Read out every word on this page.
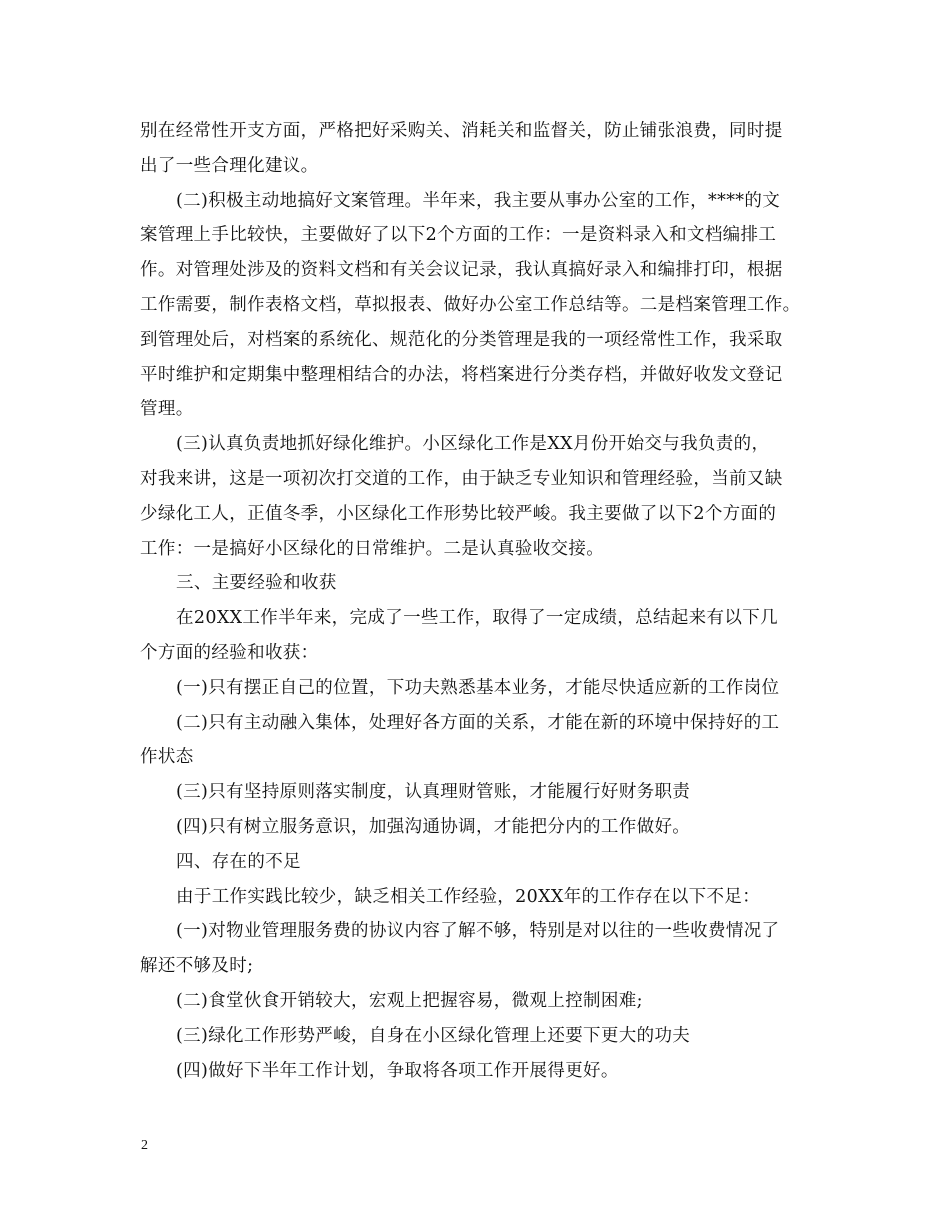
别在经常性开支方面，严格把好采购关、消耗关和监督关，防止铺张浪费，同时提
出了一些合理化建议。
(二)积极主动地搞好文案管理。半年来，我主要从事办公室的工作，****的文
案管理上手比较快，主要做好了以下2个方面的工作：一是资料录入和文档编排工
作。对管理处涉及的资料文档和有关会议记录，我认真搞好录入和编排打印，根据
工作需要，制作表格文档，草拟报表、做好办公室工作总结等。二是档案管理工作。
到管理处后，对档案的系统化、规范化的分类管理是我的一项经常性工作，我采取
平时维护和定期集中整理相结合的办法，将档案进行分类存档，并做好收发文登记
管理。
(三)认真负责地抓好绿化维护。小区绿化工作是XX月份开始交与我负责的，
对我来讲，这是一项初次打交道的工作，由于缺乏专业知识和管理经验，当前又缺
少绿化工人，正值冬季，小区绿化工作形势比较严峻。我主要做了以下2个方面的
工作：一是搞好小区绿化的日常维护。二是认真验收交接。
三、主要经验和收获
在20XX工作半年来，完成了一些工作，取得了一定成绩，总结起来有以下几
个方面的经验和收获：
(一)只有摆正自己的位置，下功夫熟悉基本业务，才能尽快适应新的工作岗位
(二)只有主动融入集体，处理好各方面的关系，才能在新的环境中保持好的工
作状态
(三)只有坚持原则落实制度，认真理财管账，才能履行好财务职责
(四)只有树立服务意识，加强沟通协调，才能把分内的工作做好。
四、存在的不足
由于工作实践比较少，缺乏相关工作经验，20XX年的工作存在以下不足：
(一)对物业管理服务费的协议内容了解不够，特别是对以往的一些收费情况了
解还不够及时;
(二)食堂伙食开销较大，宏观上把握容易，微观上控制困难;
(三)绿化工作形势严峻，自身在小区绿化管理上还要下更大的功夫
(四)做好下半年工作计划，争取将各项工作开展得更好。
2
